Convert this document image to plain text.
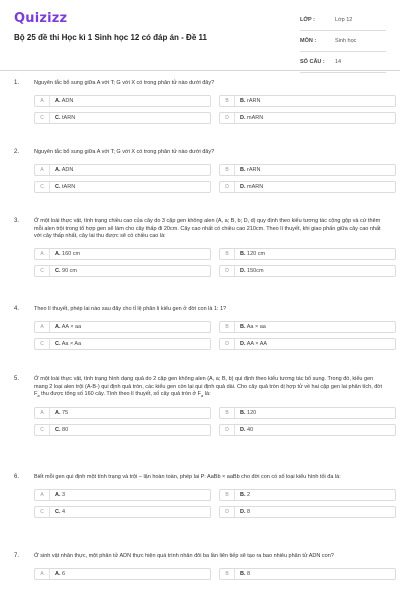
Quizizz
Bộ 25 đề thi Học kì 1 Sinh học 12 có đáp án - Đề 11
LỚP :	Lớp 12
MÔN :	Sinh học
SỐ CÂU :	14
1.	Nguyên tắc bổ sung giữa A với T; G với X có trong phân tử nào dưới đây?
A	A. ADN	B	B. rARN
C	C. tARN	D	D. mARN
2.	Nguyên tắc bổ sung giữa A với T; G với X có trong phân tử nào dưới đây?
A	A. ADN	B	B. rARN
C	C. tARN	D	D. mARN
3.	Ở một loài thực vật, tính trạng chiều cao của cây do 3 cặp gen không alen (A, a; B, b; D, d) quy định theo kiểu tương tác cộng gộp và cứ thêm mỗi alen trội trong tổ hợp gen sẽ làm cho cây thấp đi 20cm. Cây cao nhất có chiều cao 210cm. Theo lí thuyết, khi giao phấn giữa cây cao nhất với cây thấp nhất, cây lai thu được sẽ có chiều cao là:
A	A. 160 cm	B	B. 120 cm
C	C. 90 cm	D	D. 150cm
4.	Theo lí thuyết, phép lai nào sau đây cho tỉ lệ phân li kiểu gen ở đời con là 1: 1?
A	A. AA × aa	B	B. Aa × aa
C	C. Aa × Aa	D	D. AA × AA
5.	Ở một loài thực vật, tính trạng hình dạng quả do 2 cặp gen không alen (A, a; B, b) qui định theo kiểu tương tác bổ sung. Trong đó, kiểu gen mang 2 loại alen trội (A-B-) qui định quả tròn, các kiểu gen còn lại qui định quả dài. Cho cây quả tròn dị hợp tử về hai cặp gen lai phân tích, đời $F_a$ thu được tổng số 160 cây. Tính theo lí thuyết, số cây quả tròn ở $F_a$ là:
A	A. 75	B	B. 120
C	C. 80	D	D. 40
6.	Biết mỗi gen qui định một tính trạng và trội – lặn hoàn toàn, phép lai P: AaBb × aaBb cho đời con có số loại kiểu hình tối đa là:
A	A. 3	B	B. 2
C	C. 4	D	D. 8
7.	Ở sinh vật nhân thực, một phân tử ADN thực hiện quá trình nhân đôi ba lần liên tiếp sẽ tạo ra bao nhiêu phân tử ADN con?
A	A. 6	B	B. 8
